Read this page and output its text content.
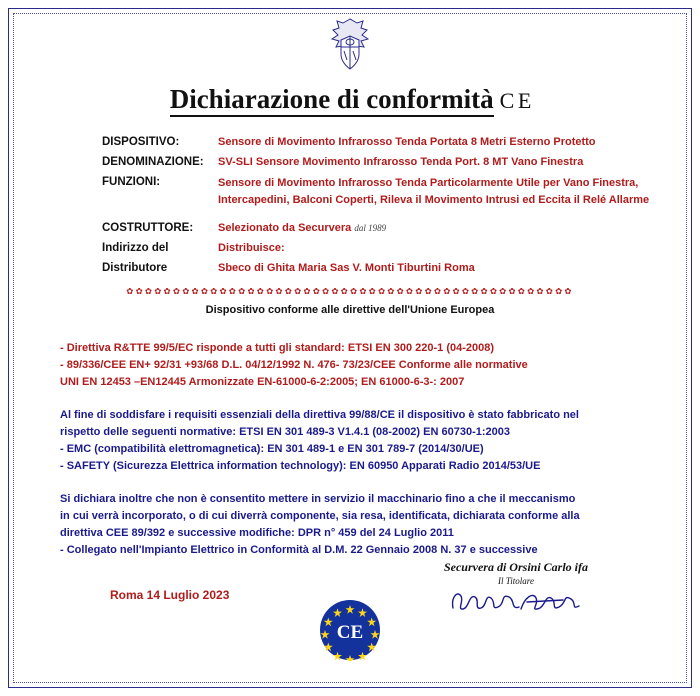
Dichiarazione di conformità C E
DISPOSITIVO:	Sensore di Movimento Infrarosso Tenda Portata 8 Metri Esterno Protetto
DENOMINAZIONE:	SV-SLI Sensore Movimento Infrarosso Tenda Port. 8 MT Vano Finestra
FUNZIONI:	Sensore di Movimento Infrarosso Tenda Particolarmente Utile per Vano Finestra, Intercapedini, Balconi Coperti, Rileva il Movimento Intrusi ed Eccita il Relé Allarme
COSTRUTTORE:	Selezionato da Securvera dal 1989
Indirizzo del	Distribuisce:
Distributore	Sbeco di Ghita Maria Sas V. Monti Tiburtini Roma
✿✿✿✿✿✿✿✿✿✿✿✿✿✿✿✿✿✿✿✿✿✿✿✿✿✿✿✿✿✿✿✿✿✿✿✿✿✿✿✿✿✿✿✿✿✿✿✿
Dispositivo conforme alle direttive dell'Unione Europea
- Direttiva R&TTE 99/5/EC risponde a tutti gli standard: ETSI EN 300 220-1 (04-2008)
- 89/336/CEE EN+ 92/31 +93/68 D.L. 04/12/1992 N. 476- 73/23/CEE Conforme alle normative
UNI EN 12453 –EN12445 Armonizzate EN-61000-6-2:2005; EN 61000-6-3-: 2007
Al fine di soddisfare i requisiti essenziali della direttiva 99/88/CE il dispositivo è stato fabbricato nel
rispetto delle seguenti normative: ETSI EN 301 489-3 V1.4.1 (08-2002) EN 60730-1:2003
- EMC (compatibilità elettromagnetica): EN 301 489-1 e EN 301 789-7 (2014/30/UE)
- SAFETY (Sicurezza Elettrica information technology): EN 60950 Apparati Radio 2014/53/UE
Si dichiara inoltre che non è consentito mettere in servizio il macchinario fino a che il meccanismo
in cui verrà incorporato, o di cui diverrà componente, sia resa, identificata, dichiarata conforme alla
direttiva CEE 89/392 e successive modifiche: DPR n° 459 del 24 Luglio 2011
- Collegato nell'Impianto Elettrico in Conformità al D.M. 22 Gennaio 2008 N. 37 e successive
Securvera di Orsini Carlo ifa
Il Titolare
Roma 14 Luglio 2023
CE
